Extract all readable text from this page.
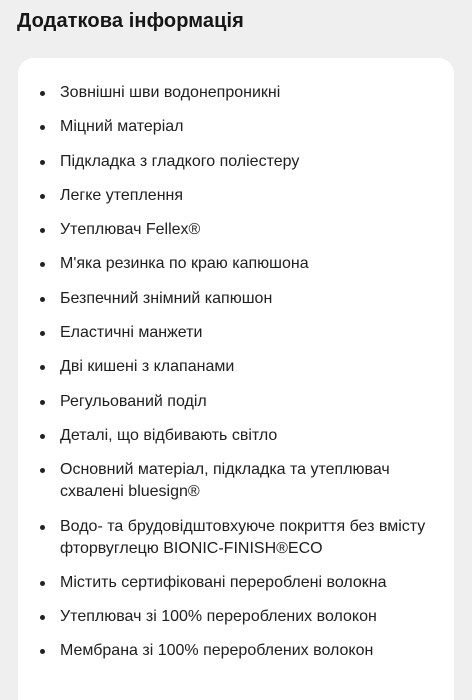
Додаткова інформація
Зовнішні шви водонепроникні
Міцний матеріал
Підкладка з гладкого поліестеру
Легке утеплення
Утеплювач Fellex®
М'яка резинка по краю капюшона
Безпечний знімний капюшон
Еластичні манжети
Дві кишені з клапанами
Регульований поділ
Деталі, що відбивають світло
Основний матеріал, підкладка та утеплювач схвалені bluesign®
Водо- та брудовідштовхуюче покриття без вмісту фторвуглецю BIONIC-FINISH®ECO
Містить сертифіковані перероблені волокна
Утеплювач зі 100% перероблених волокон
Мембрана зі 100% перероблених волокон
